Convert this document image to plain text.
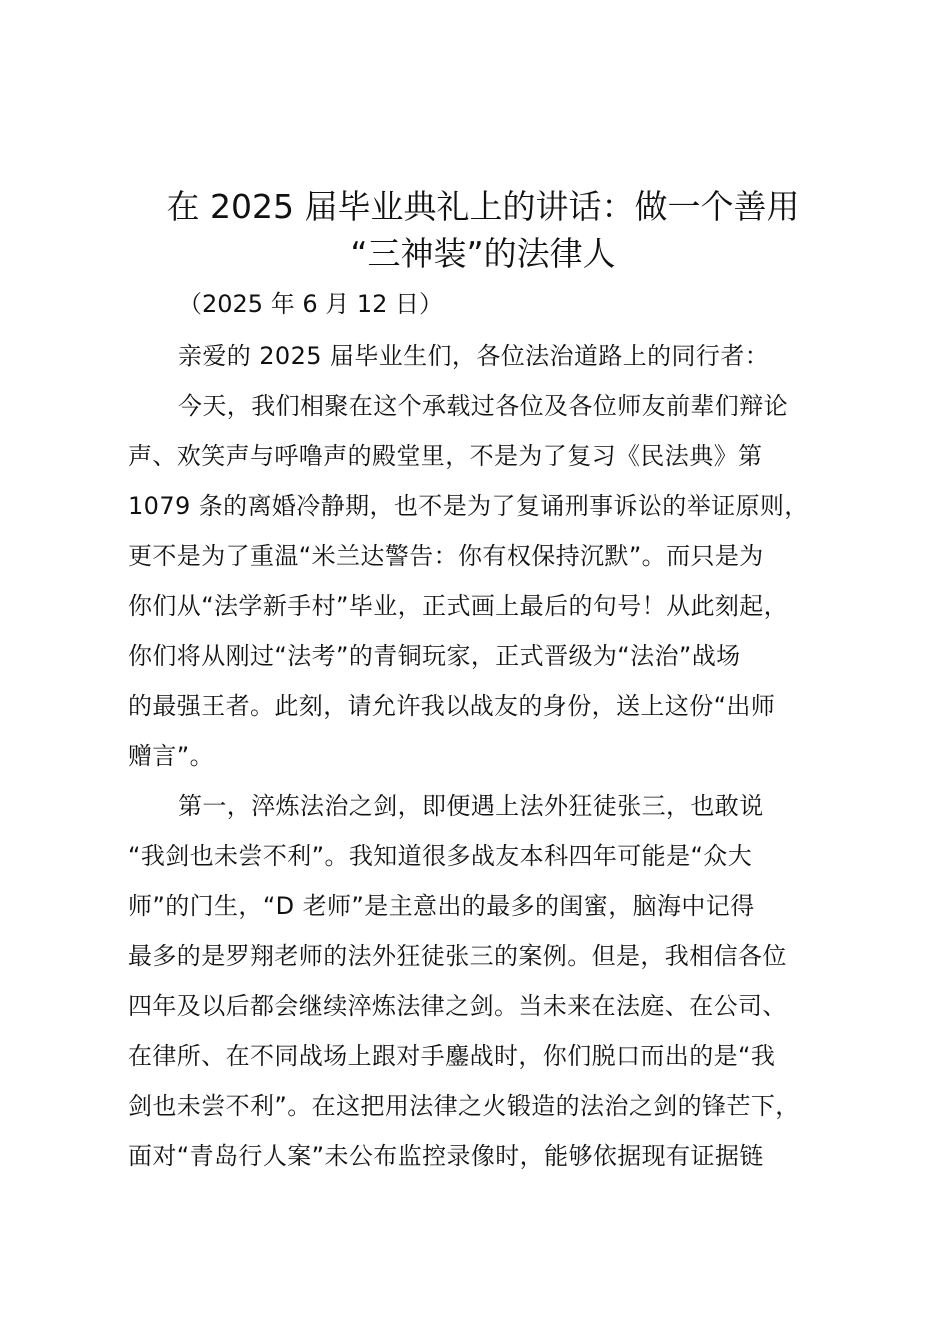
在 2025 届毕业典礼上的讲话：做一个善用
“三神装”的法律人
（2025 年 6 月 12 日）
亲爱的 2025 届毕业生们，各位法治道路上的同行者：
今天，我们相聚在这个承载过各位及各位师友前辈们辩论
声、欢笑声与呼噜声的殿堂里，不是为了复习《民法典》第
1079 条的离婚冷静期，也不是为了复诵刑事诉讼的举证原则，
更不是为了重温“米兰达警告：你有权保持沉默”。而只是为
你们从“法学新手村”毕业，正式画上最后的句号！从此刻起，
你们将从刚过“法考”的青铜玩家，正式晋级为“法治”战场
的最强王者。此刻，请允许我以战友的身份，送上这份“出师
赠言”。
第一，淬炼法治之剑，即便遇上法外狂徒张三，也敢说
“我剑也未尝不利”。我知道很多战友本科四年可能是“众大
师”的门生，“D 老师”是主意出的最多的闺蜜，脑海中记得
最多的是罗翔老师的法外狂徒张三的案例。但是，我相信各位
四年及以后都会继续淬炼法律之剑。当未来在法庭、在公司、
在律所、在不同战场上跟对手鏖战时，你们脱口而出的是“我
剑也未尝不利”。在这把用法律之火锻造的法治之剑的锋芒下，
面对“青岛行人案”未公布监控录像时，能够依据现有证据链
